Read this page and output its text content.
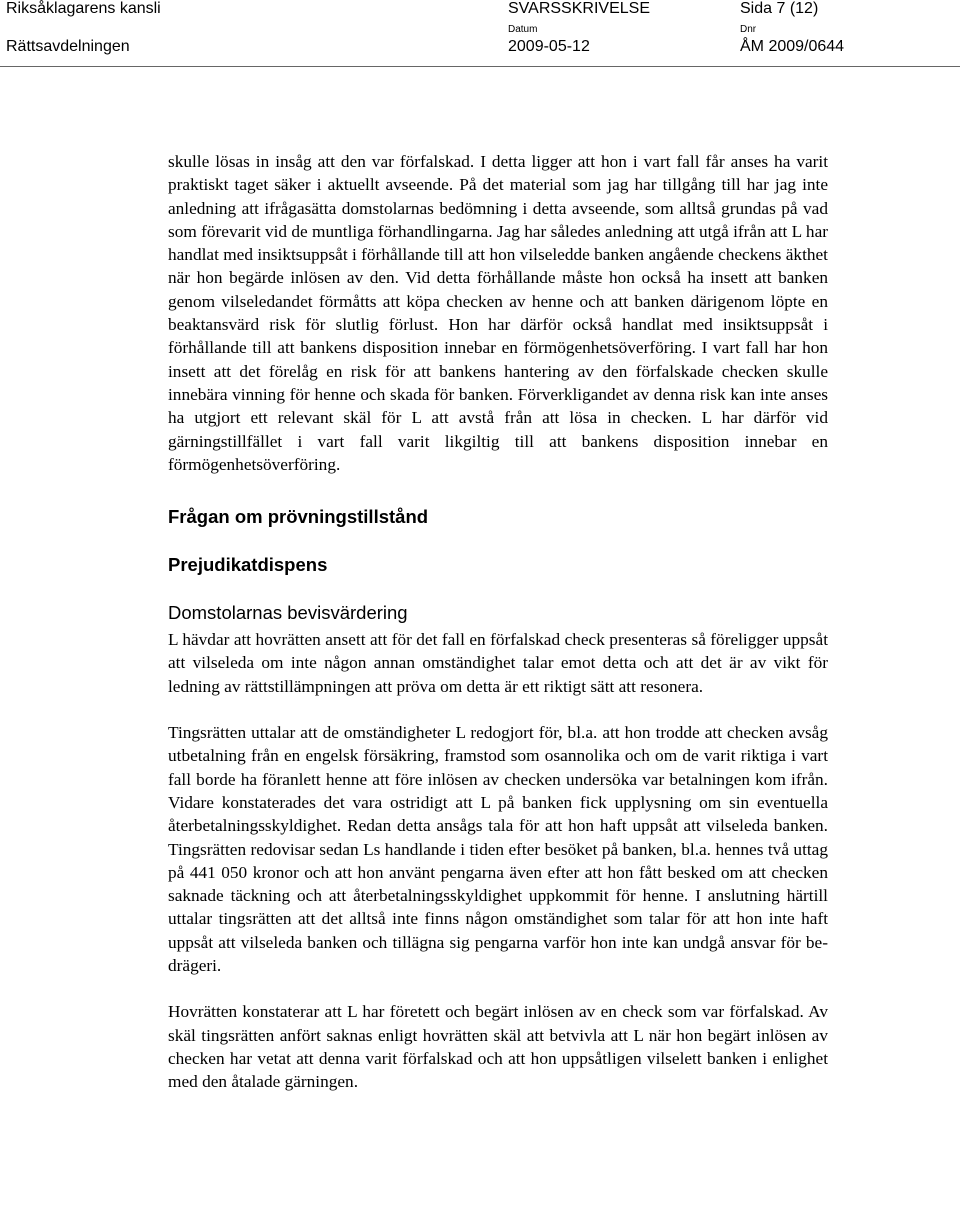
Riksåklagarens kansli
Rättsavdelningen
SVARSSKRIVELSE	Sida 7 (12)
Datum
2009-05-12
Dnr
ÅM 2009/0644

skulle lösas in insåg att den var förfalskad. I detta ligger att hon i vart fall får anses ha varit praktiskt taget säker i aktuellt avseende. På det material som jag har tillgång till har jag inte anledning att ifrågasätta domstolarnas bedömning i detta avseende, som alltså grundas på vad som förevarit vid de muntliga förhandlingarna. Jag har således anledning att utgå ifrån att L har handlat med insiktsuppsåt i förhållande till att hon vilseledde banken angående checkens äkthet när hon begärde inlösen av den. Vid detta förhållande måste hon också ha insett att banken genom vilseledandet förmåtts att köpa checken av henne och att banken därigenom löpte en beaktansvärd risk för slutlig förlust. Hon har därför också handlat med insiktsuppsåt i förhållande till att bankens disposition innebar en förmögenhetsöverföring. I vart fall har hon insett att det förelåg en risk för att bankens hantering av den förfalskade checken skulle innebära vinning för henne och skada för banken. Förverkligandet av denna risk kan inte anses ha utgjort ett relevant skäl för L att avstå från att lösa in checken. L har därför vid gärningstillfället i vart fall varit likgiltig till att bankens disposition innebar en förmögenhetsöverföring.

Frågan om prövningstillstånd

Prejudikatdispens

Domstolarnas bevisvärdering

L hävdar att hovrätten ansett att för det fall en förfalskad check presenteras så föreligger uppsåt att vilseleda om inte någon annan omständighet talar emot detta och att det är av vikt för ledning av rättstillämpningen att pröva om detta är ett riktigt sätt att resonera.

Tingsrätten uttalar att de omständigheter L redogjort för, bl.a. att hon trodde att checken avsåg utbetalning från en engelsk försäkring, framstod som osannolika och om de varit riktiga i vart fall borde ha föranlett henne att före inlösen av checken undersöka var betalningen kom ifrån. Vidare konstaterades det vara ostridigt att L på banken fick upplysning om sin eventuella återbetalningsskyldighet. Redan detta ansågs tala för att hon haft uppsåt att vilseleda banken. Tingsrätten redovisar sedan Ls handlande i tiden efter besöket på banken, bl.a. hennes två uttag på 441 050 kronor och att hon använt pengarna även efter att hon fått besked om att checken saknade täckning och att återbetalningsskyldighet uppkommit för henne. I anslutning härtill uttalar tingsrätten att det alltså inte finns någon omständighet som talar för att hon inte haft uppsåt att vilseleda banken och tillägna sig pengarna varför hon inte kan undgå ansvar för bedrägeri.

Hovrätten konstaterar att L har företett och begärt inlösen av en check som var förfalskad. Av skäl tingsrätten anfört saknas enligt hovrätten skäl att betvivla att L när hon begärt inlösen av checken har vetat att denna varit förfalskad och att hon uppsåtligen vilselett banken i enlighet med den åtalade gärningen.
